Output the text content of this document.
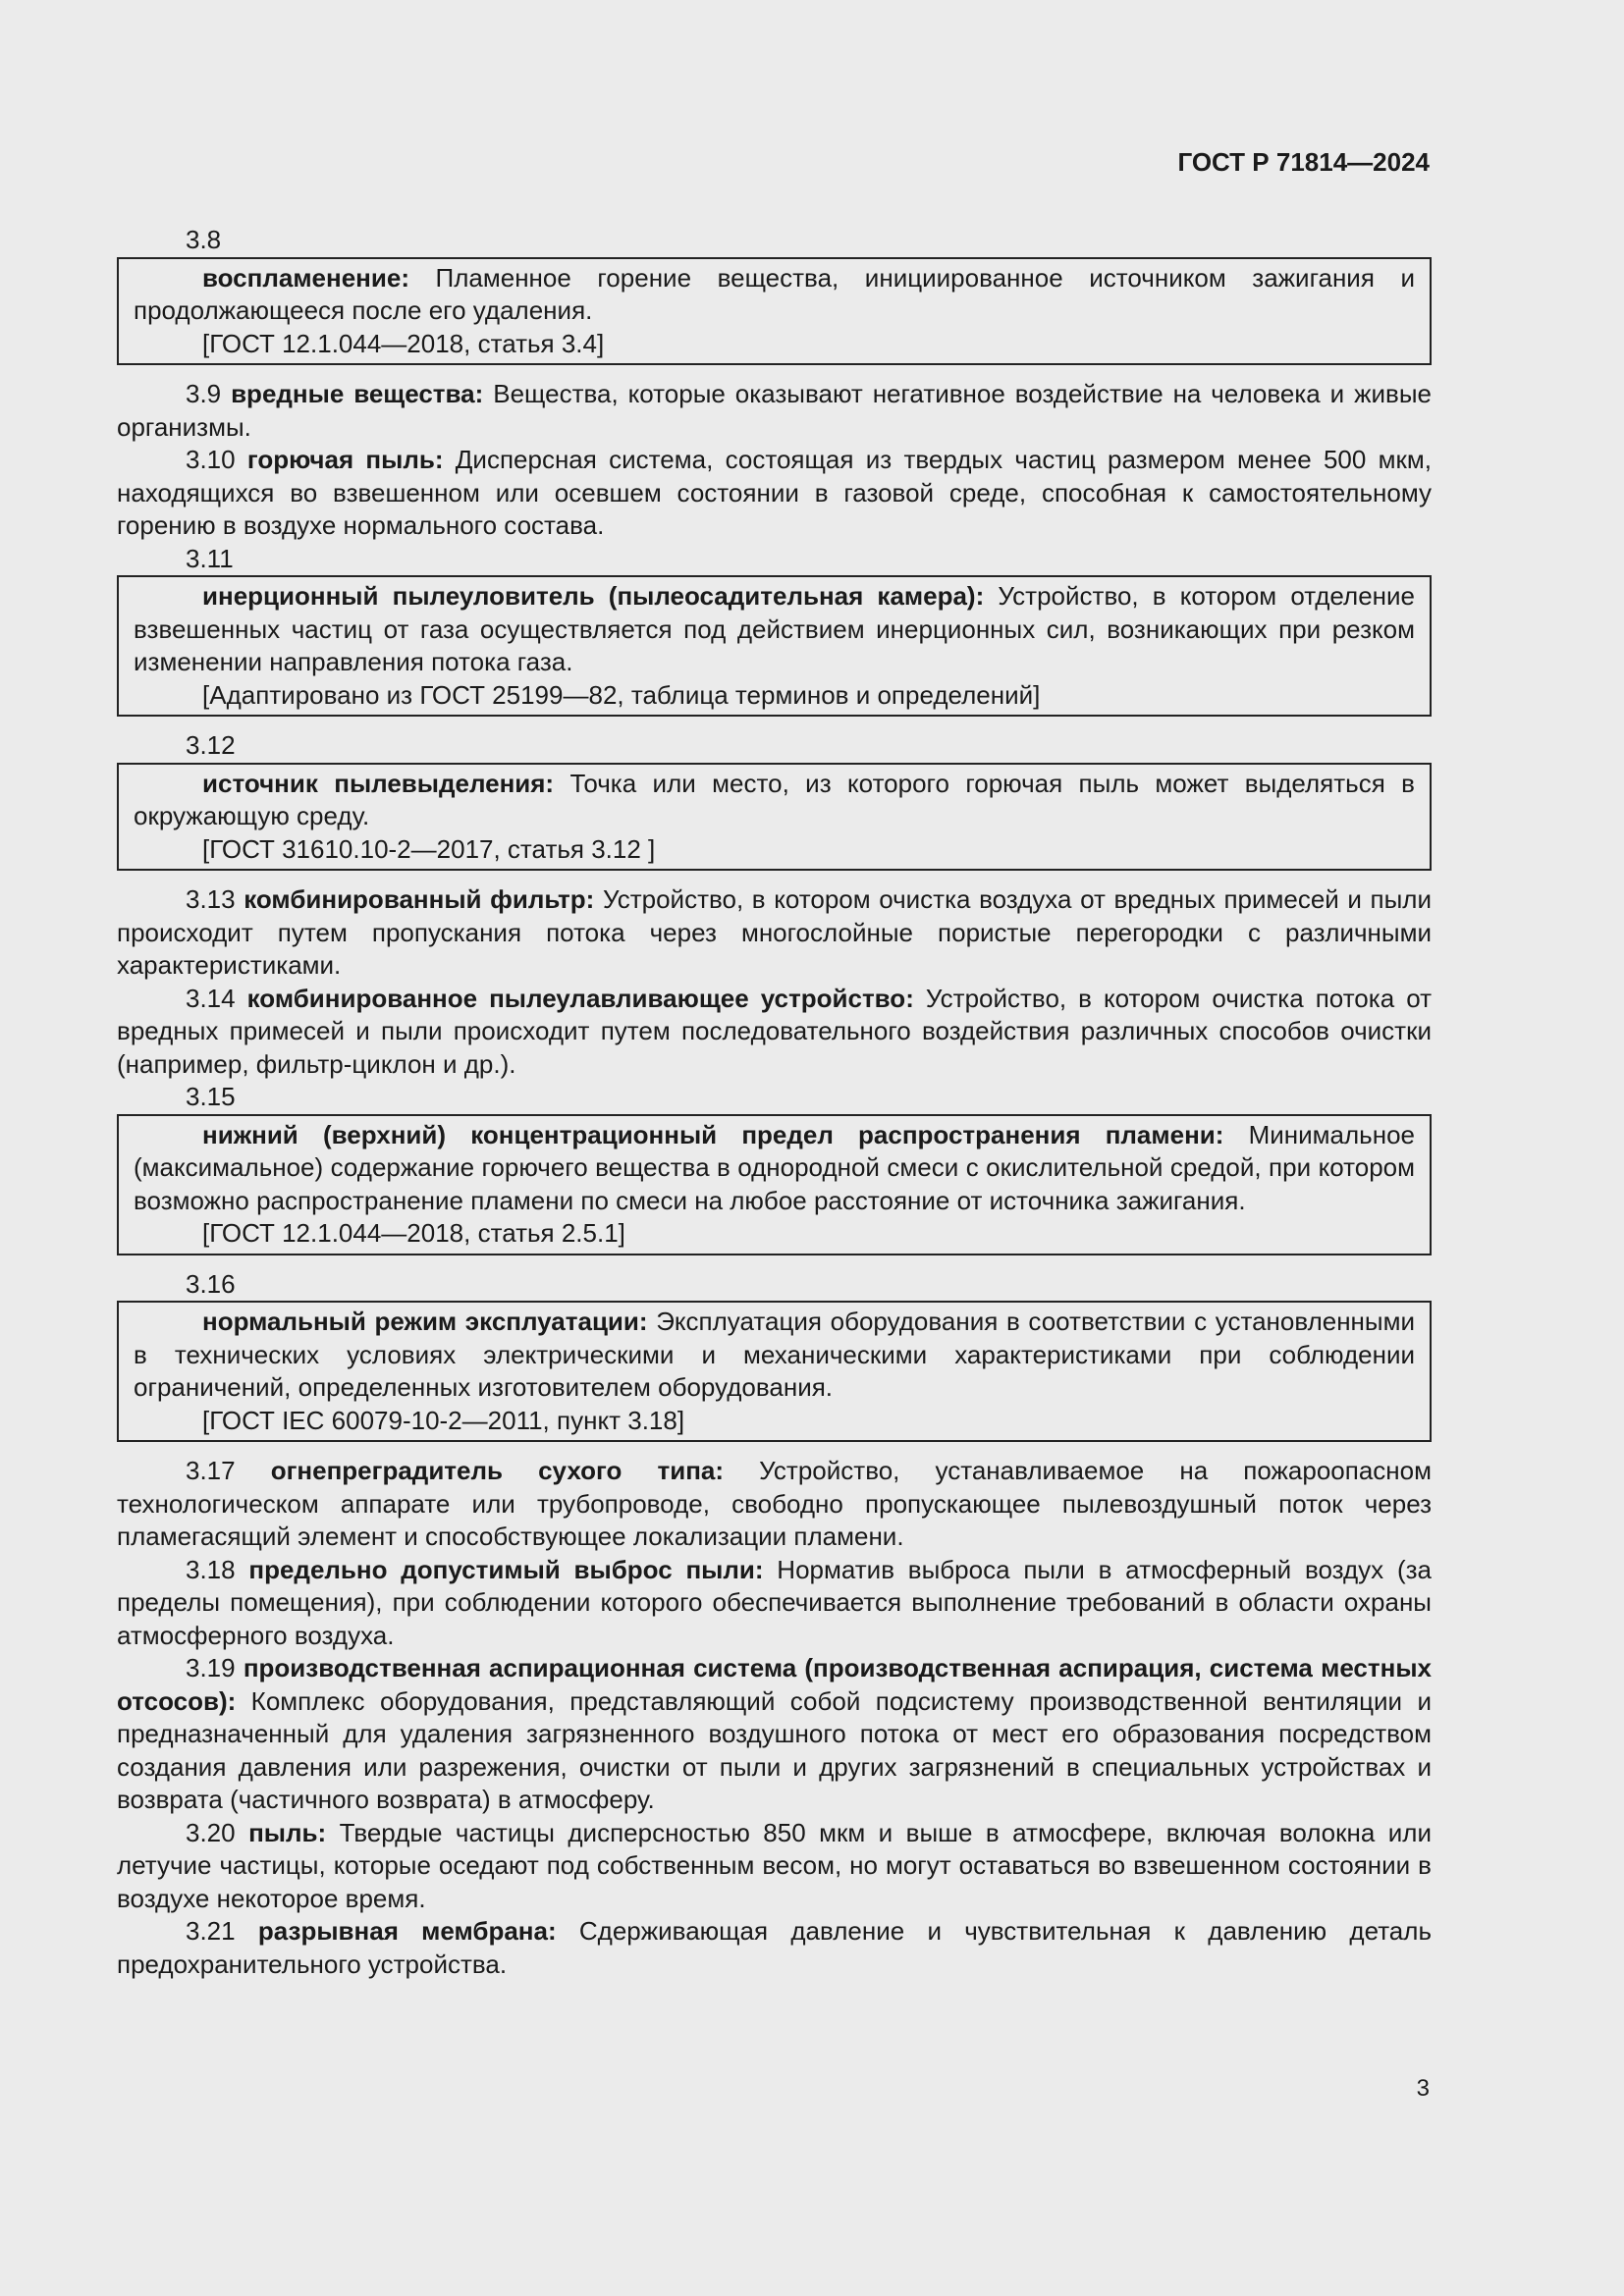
ГОСТ Р 71814—2024
3.8

воспламенение: Пламенное горение вещества, инициированное источником зажигания и продолжающееся после его удаления.

[ГОСТ 12.1.044—2018, статья 3.4]

3.9 вредные вещества: Вещества, которые оказывают негативное воздействие на человека и живые организмы.

3.10 горючая пыль: Дисперсная система, состоящая из твердых частиц размером менее 500 мкм, находящихся во взвешенном или осевшем состоянии в газовой среде, способная к самостоятельному горению в воздухе нормального состава.

3.11

инерционный пылеуловитель (пылеосадительная камера): Устройство, в котором отделение взвешенных частиц от газа осуществляется под действием инерционных сил, возникающих при резком изменении направления потока газа.

[Адаптировано из ГОСТ 25199—82, таблица терминов и определений]

3.12

источник пылевыделения: Точка или место, из которого горючая пыль может выделяться в окружающую среду.

[ГОСТ 31610.10-2—2017, статья 3.12 ]

3.13 комбинированный фильтр: Устройство, в котором очистка воздуха от вредных примесей и пыли происходит путем пропускания потока через многослойные пористые перегородки с различными характеристиками.

3.14 комбинированное пылеулавливающее устройство: Устройство, в котором очистка потока от вредных примесей и пыли происходит путем последовательного воздействия различных способов очистки (например, фильтр-циклон и др.).

3.15

нижний (верхний) концентрационный предел распространения пламени: Минимальное (максимальное) содержание горючего вещества в однородной смеси с окислительной средой, при котором возможно распространение пламени по смеси на любое расстояние от источника зажигания.

[ГОСТ 12.1.044—2018, статья 2.5.1]

3.16

нормальный режим эксплуатации: Эксплуатация оборудования в соответствии с установленными в технических условиях электрическими и механическими характеристиками при соблюдении ограничений, определенных изготовителем оборудования.

[ГОСТ IEC 60079-10-2—2011, пункт 3.18]

3.17 огнепреградитель сухого типа: Устройство, устанавливаемое на пожароопасном технологическом аппарате или трубопроводе, свободно пропускающее пылевоздушный поток через пламегасящий элемент и способствующее локализации пламени.

3.18 предельно допустимый выброс пыли: Норматив выброса пыли в атмосферный воздух (за пределы помещения), при соблюдении которого обеспечивается выполнение требований в области охраны атмосферного воздуха.

3.19 производственная аспирационная система (производственная аспирация, система местных отсосов): Комплекс оборудования, представляющий собой подсистему производственной вентиляции и предназначенный для удаления загрязненного воздушного потока от мест его образования посредством создания давления или разрежения, очистки от пыли и других загрязнений в специальных устройствах и возврата (частичного возврата) в атмосферу.

3.20 пыль: Твердые частицы дисперсностью 850 мкм и выше в атмосфере, включая волокна или летучие частицы, которые оседают под собственным весом, но могут оставаться во взвешенном состоянии в воздухе некоторое время.

3.21 разрывная мембрана: Сдерживающая давление и чувствительная к давлению деталь предохранительного устройства.

3
